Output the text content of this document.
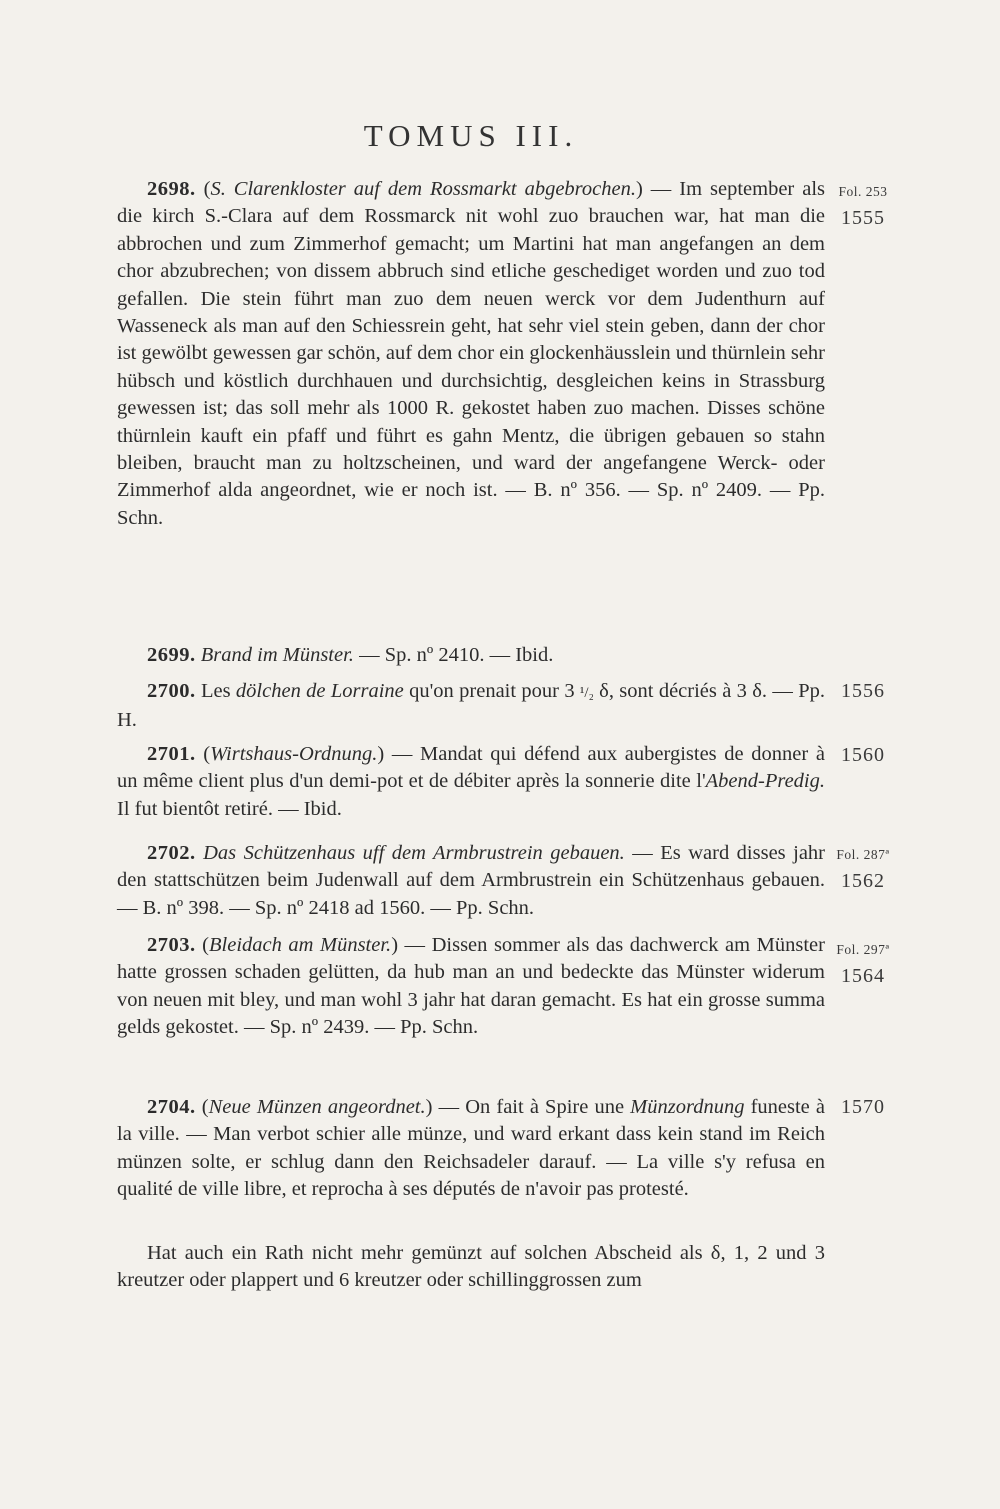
TOMUS III.
2698. (S. Clarenkloster auf dem Rossmarkt abgebrochen.) — Im september als die kirch S.-Clara auf dem Rossmarck nit wohl zuo brauchen war, hat man die abbrochen und zum Zimmerhof gemacht; um Martini hat man angefangen an dem chor abzubrechen; von dissem abbruch sind etliche geschediget worden und zuo tod gefallen. Die stein führt man zuo dem neuen werck vor dem Judenthurn auf Wasseneck als man auf den Schiessrein geht, hat sehr viel stein geben, dann der chor ist gewölbt gewessen gar schön, auf dem chor ein glockenhäusslein und thürnlein sehr hübsch und köstlich durchhauen und durchsichtig, desgleichen keins in Strassburg gewessen ist; das soll mehr als 1000 R. gekostet haben zuo machen. Disses schöne thürnlein kauft ein pfaff und führt es gahn Mentz, die übrigen gebauen so stahn bleiben, braucht man zu holtzscheinen, und ward der angefangene Werck- oder Zimmerhof alda angeordnet, wie er noch ist. — B. nº 356. — Sp. nº 2409. — Pp. Schn.
2699. Brand im Münster. — Sp. nº 2410. — Ibid.
2700. Les dölchen de Lorraine qu'on prenait pour 3 ¹/₂ δ, sont décriés à 3 δ. — Pp. H.
2701. (Wirtshaus-Ordnung.) — Mandat qui défend aux aubergistes de donner à un même client plus d'un demi-pot et de débiter après la sonnerie dite l'Abend-Predig. Il fut bientôt retiré. — Ibid.
2702. Das Schützenhaus uff dem Armbrustrein gebauen. — Es ward disses jahr den stattschützen beim Judenwall auf dem Armbrustrein ein Schützenhaus gebauen. — B. nº 398. — Sp. nº 2418 ad 1560. — Pp. Schn.
2703. (Bleidach am Münster.) — Dissen sommer als das dachwerck am Münster hatte grossen schaden gelütten, da hub man an und bedeckte das Münster widerum von neuen mit bley, und man wohl 3 jahr hat daran gemacht. Es hat ein grosse summa gelds gekostet. — Sp. nº 2439. — Pp. Schn.
2704. (Neue Münzen angeordnet.) — On fait à Spire une Münzordnung funeste à la ville. — Man verbot schier alle münze, und ward erkant dass kein stand im Reich münzen solte, er schlug dann den Reichsadeler darauf. — La ville s'y refusa en qualité de ville libre, et reprocha à ses députés de n'avoir pas protesté.
Hat auch ein Rath nicht mehr gemünzt auf solchen Abscheid als δ, 1, 2 und 3 kreutzer oder plappert und 6 kreutzer oder schillinggrossen zum
Fol. 253
1555
1556
1560
Fol. 287ª
1562
Fol. 297ª
1564
1570
